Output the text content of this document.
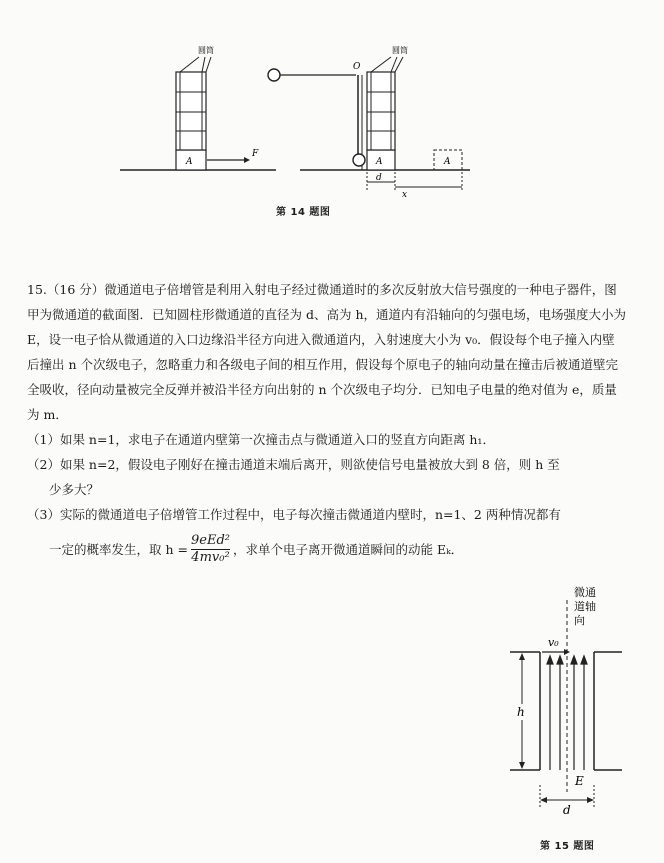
A
圆筒
F
O
A
圆筒
A
d
x
第 14 题图
15.（16 分）微通道电子倍增管是利用入射电子经过微通道时的多次反射放大信号强度的一种电子器件，图甲为微通道的截面图．已知圆柱形微通道的直径为 d、高为 h，通道内有沿轴向的匀强电场，电场强度大小为 E，设一电子恰从微通道的入口边缘沿半径方向进入微通道内，入射速度大小为 v₀．假设每个电子撞入内壁后撞出 n 个次级电子，忽略重力和各级电子间的相互作用，假设每个原电子的轴向动量在撞击后被通道壁完全吸收，径向动量被完全反弹并被沿半径方向出射的 n 个次级电子均分．已知电子电量的绝对值为 e，质量为 m．
（1）如果 n=1，求电子在通道内壁第一次撞击点与微通道入口的竖直方向距离 h₁．
（2）如果 n=2，假设电子刚好在撞击通道末端后离开，则欲使信号电量被放大到 8 倍，则 h 至
少多大？
（3）实际的微通道电子倍增管工作过程中，电子每次撞击微通道内壁时，n=1、2 两种情况都有
一定的概率发生，取 $h = \frac{\text{9eEd²}}{\text{4mv₀²}}$ ，求单个电子离开微通道瞬间的动能 Eₖ．
微通道轴向
v₀
h
E
d
第 15 题图
